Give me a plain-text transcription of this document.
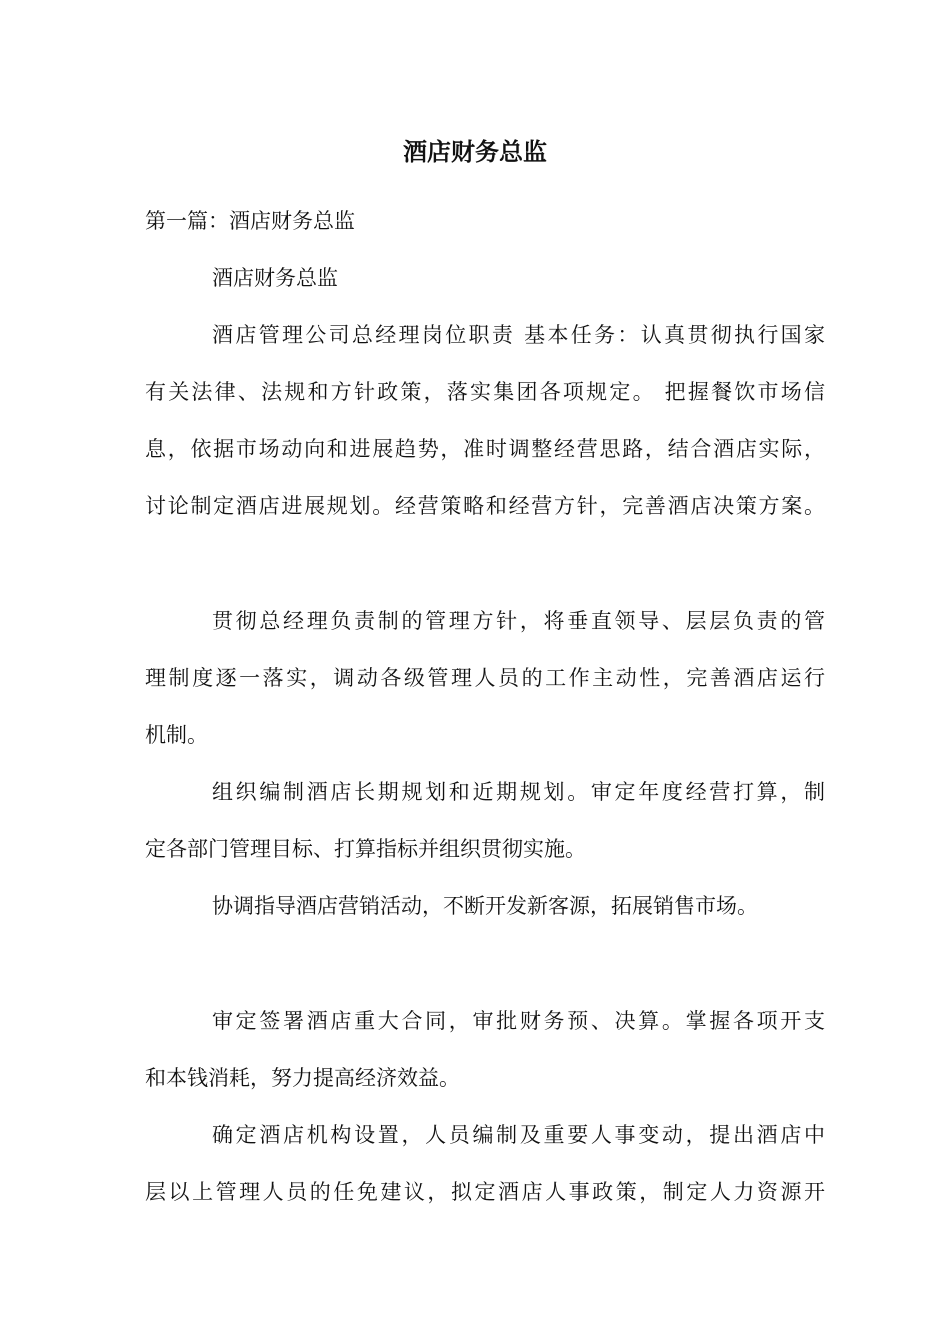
酒店财务总监

第一篇：酒店财务总监

酒店财务总监

酒店管理公司总经理岗位职责 基本任务：认真贯彻执行国家

有关法律、法规和方针政策，落实集团各项规定。 把握餐饮市场信

息，依据市场动向和进展趋势，准时调整经营思路，结合酒店实际，

讨论制定酒店进展规划。经营策略和经营方针，完善酒店决策方案。

贯彻总经理负责制的管理方针，将垂直领导、层层负责的管

理制度逐一落实，调动各级管理人员的工作主动性，完善酒店运行

机制。

组织编制酒店长期规划和近期规划。审定年度经营打算，制

定各部门管理目标、打算指标并组织贯彻实施。

协调指导酒店营销活动，不断开发新客源，拓展销售市场。

审定签署酒店重大合同，审批财务预、决算。掌握各项开支

和本钱消耗，努力提高经济效益。

确定酒店机构设置，人员编制及重要人事变动，提出酒店中

层以上管理人员的任免建议，拟定酒店人事政策，制定人力资源开
